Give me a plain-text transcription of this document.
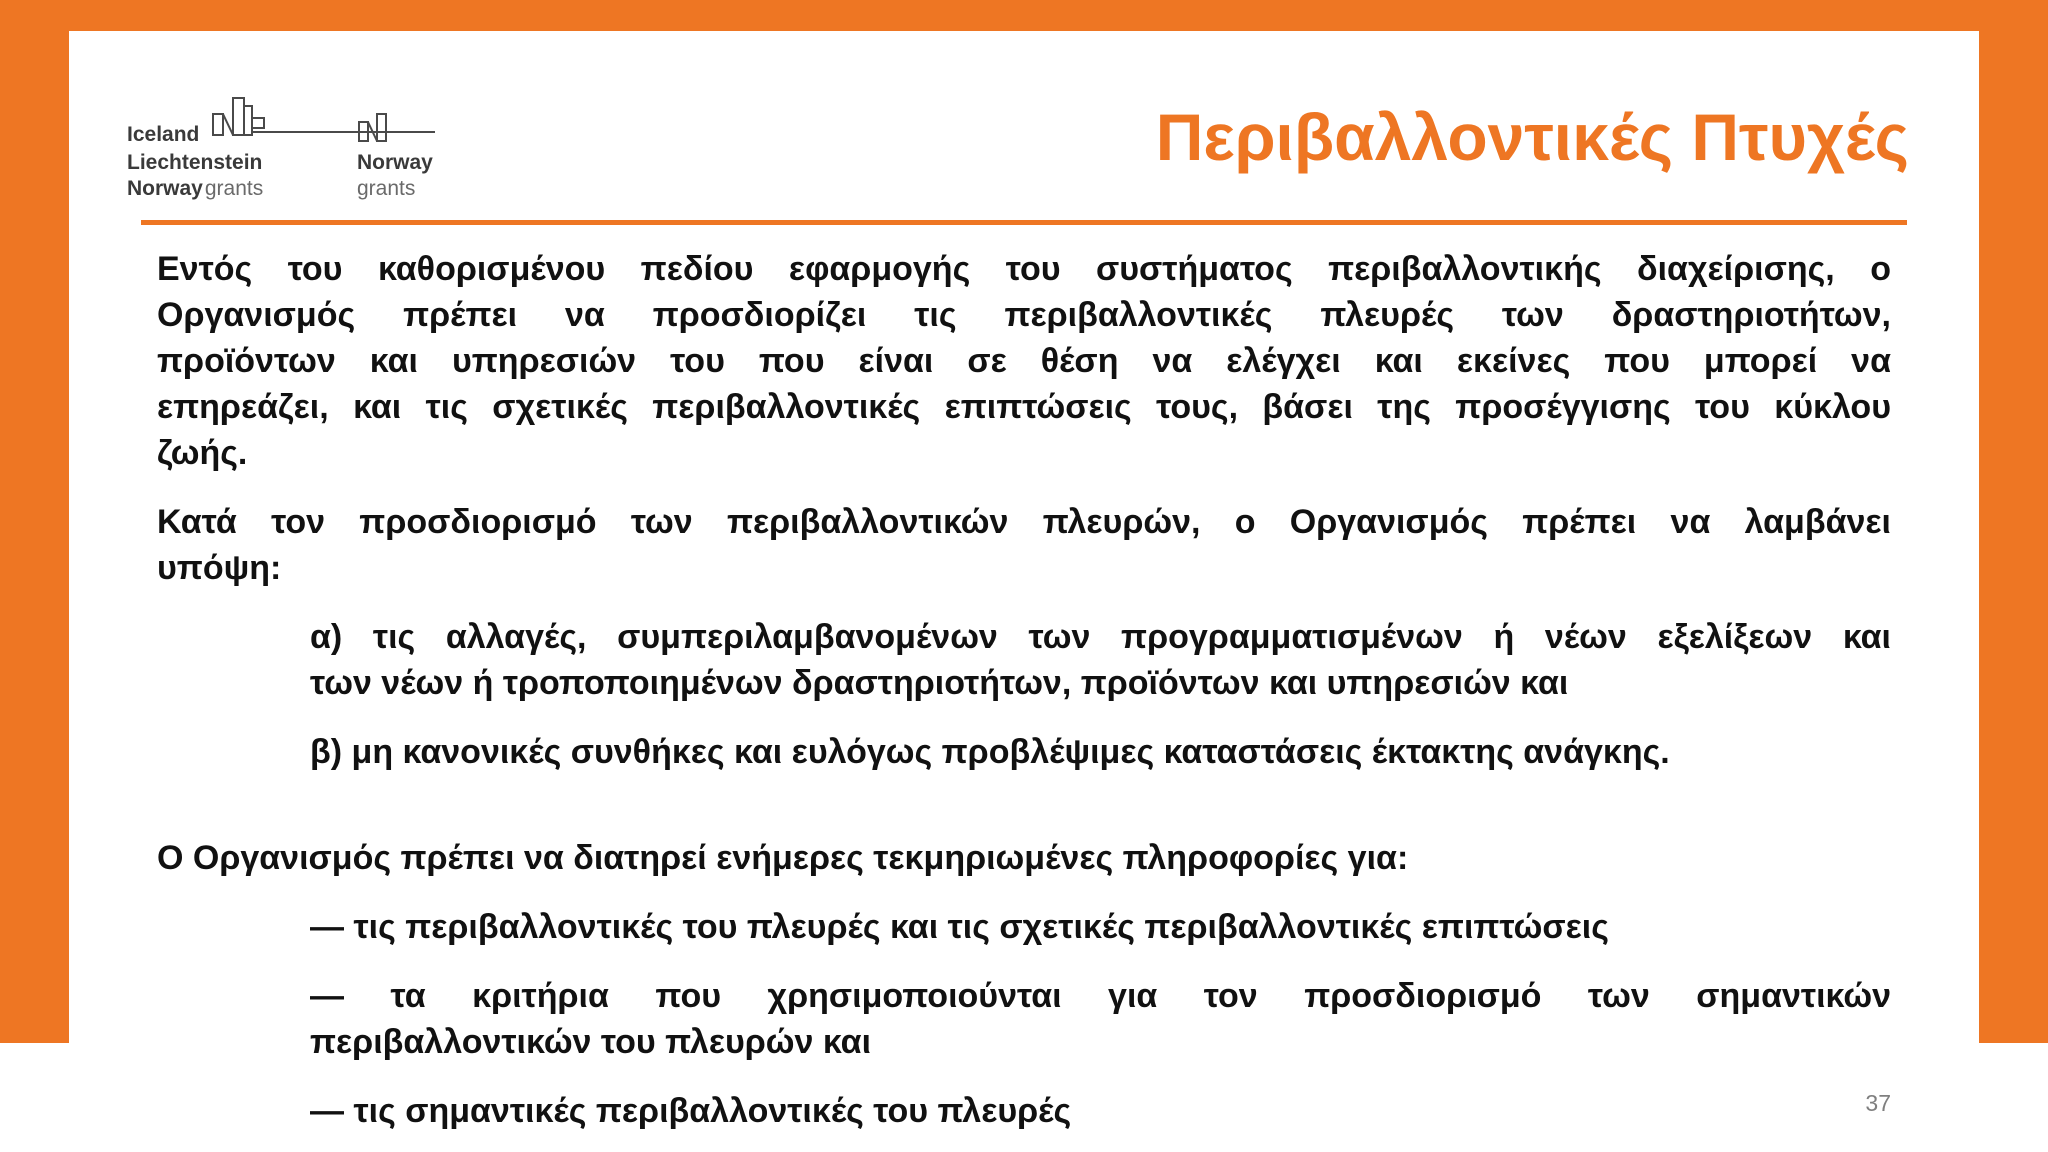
Iceland
Liechtenstein
Norwaygrants
Norway
grants
Περιβαλλοντικές Πτυχές
Εντός του καθορισμένου πεδίου εφαρμογής του συστήματος περιβαλλοντικής διαχείρισης, ο
Οργανισμός πρέπει να προσδιορίζει τις περιβαλλοντικές πλευρές των δραστηριοτήτων,
προϊόντων και υπηρεσιών του που είναι σε θέση να ελέγχει και εκείνες που μπορεί να
επηρεάζει, και τις σχετικές περιβαλλοντικές επιπτώσεις τους, βάσει της προσέγγισης του κύκλου
ζωής.
Κατά τον προσδιορισμό των περιβαλλοντικών πλευρών, ο Οργανισμός πρέπει να λαμβάνει
υπόψη:
α) τις αλλαγές, συμπεριλαμβανομένων των προγραμματισμένων ή νέων εξελίξεων και
των νέων ή τροποποιημένων δραστηριοτήτων, προϊόντων και υπηρεσιών και
β) μη κανονικές συνθήκες και ευλόγως προβλέψιμες καταστάσεις έκτακτης ανάγκης.
Ο Οργανισμός πρέπει να διατηρεί ενήμερες τεκμηριωμένες πληροφορίες για:
— τις περιβαλλοντικές του πλευρές και τις σχετικές περιβαλλοντικές επιπτώσεις
— τα κριτήρια που χρησιμοποιούνται για τον προσδιορισμό των σημαντικών
περιβαλλοντικών του πλευρών και
— τις σημαντικές περιβαλλοντικές του πλευρές	37
